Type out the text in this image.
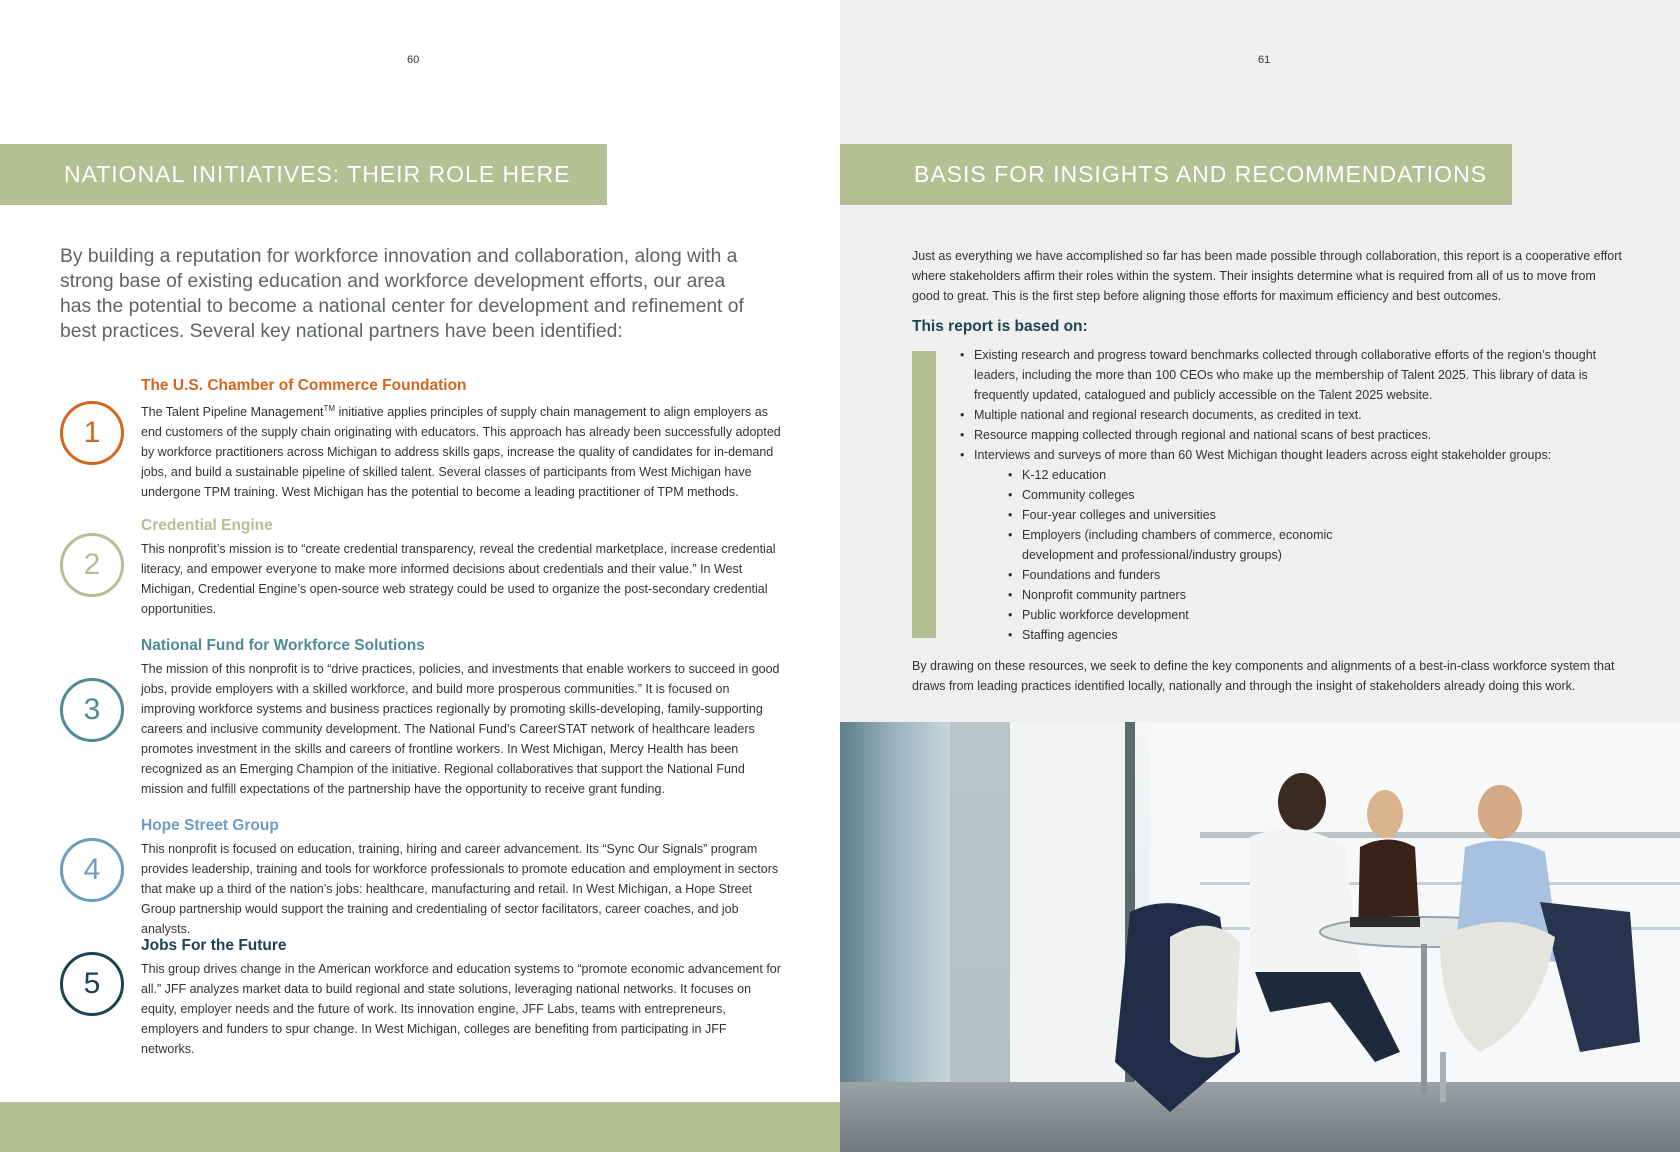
60
NATIONAL INITIATIVES: THEIR ROLE HERE

By building a reputation for workforce innovation and collaboration, along with a strong base of existing education and workforce development efforts, our area has the potential to become a national center for development and refinement of best practices. Several key national partners have been identified:

1
The U.S. Chamber of Commerce Foundation

The Talent Pipeline Management™ initiative applies principles of supply chain management to align employers as end customers of the supply chain originating with educators. This approach has already been successfully adopted by workforce practitioners across Michigan to address skills gaps, increase the quality of candidates for in-demand jobs, and build a sustainable pipeline of skilled talent. Several classes of participants from West Michigan have undergone TPM training. West Michigan has the potential to become a leading practitioner of TPM methods.

2
Credential Engine

This nonprofit’s mission is to “create credential transparency, reveal the credential marketplace, increase credential literacy, and empower everyone to make more informed decisions about credentials and their value.” In West Michigan, Credential Engine’s open-source web strategy could be used to organize the post-secondary credential opportunities.

3
National Fund for Workforce Solutions

The mission of this nonprofit is to “drive practices, policies, and investments that enable workers to succeed in good jobs, provide employers with a skilled workforce, and build more prosperous communities.” It is focused on improving workforce systems and business practices regionally by promoting skills-developing, family-supporting careers and inclusive community development. The National Fund’s CareerSTAT network of healthcare leaders promotes investment in the skills and careers of frontline workers. In West Michigan, Mercy Health has been recognized as an Emerging Champion of the initiative. Regional collaboratives that support the National Fund mission and fulfill expectations of the partnership have the opportunity to receive grant funding.

4
Hope Street Group

This nonprofit is focused on education, training, hiring and career advancement. Its “Sync Our Signals” program provides leadership, training and tools for workforce professionals to promote education and employment in sectors that make up a third of the nation’s jobs: healthcare, manufacturing and retail. In West Michigan, a Hope Street Group partnership would support the training and credentialing of sector facilitators, career coaches, and job analysts.

5
Jobs For the Future

This group drives change in the American workforce and education systems to “promote economic advancement for all.” JFF analyzes market data to build regional and state solutions, leveraging national networks. It focuses on equity, employer needs and the future of work. Its innovation engine, JFF Labs, teams with entrepreneurs, employers and funders to spur change. In West Michigan, colleges are benefiting from participating in JFF networks.

61
BASIS FOR INSIGHTS AND RECOMMENDATIONS

Just as everything we have accomplished so far has been made possible through collaboration, this report is a cooperative effort where stakeholders affirm their roles within the system. Their insights determine what is required from all of us to move from good to great. This is the first step before aligning those efforts for maximum efficiency and best outcomes.

This report is based on:
• Existing research and progress toward benchmarks collected through collaborative efforts of the region’s thought leaders, including the more than 100 CEOs who make up the membership of Talent 2025. This library of data is frequently updated, catalogued and publicly accessible on the Talent 2025 website.
• Multiple national and regional research documents, as credited in text.
• Resource mapping collected through regional and national scans of best practices.
• Interviews and surveys of more than 60 West Michigan thought leaders across eight stakeholder groups:
• K-12 education
• Community colleges
• Four-year colleges and universities
• Employers (including chambers of commerce, economic development and professional/industry groups)
• Foundations and funders
• Nonprofit community partners
• Public workforce development
• Staffing agencies

By drawing on these resources, we seek to define the key components and alignments of a best-in-class workforce system that draws from leading practices identified locally, nationally and through the insight of stakeholders already doing this work.
